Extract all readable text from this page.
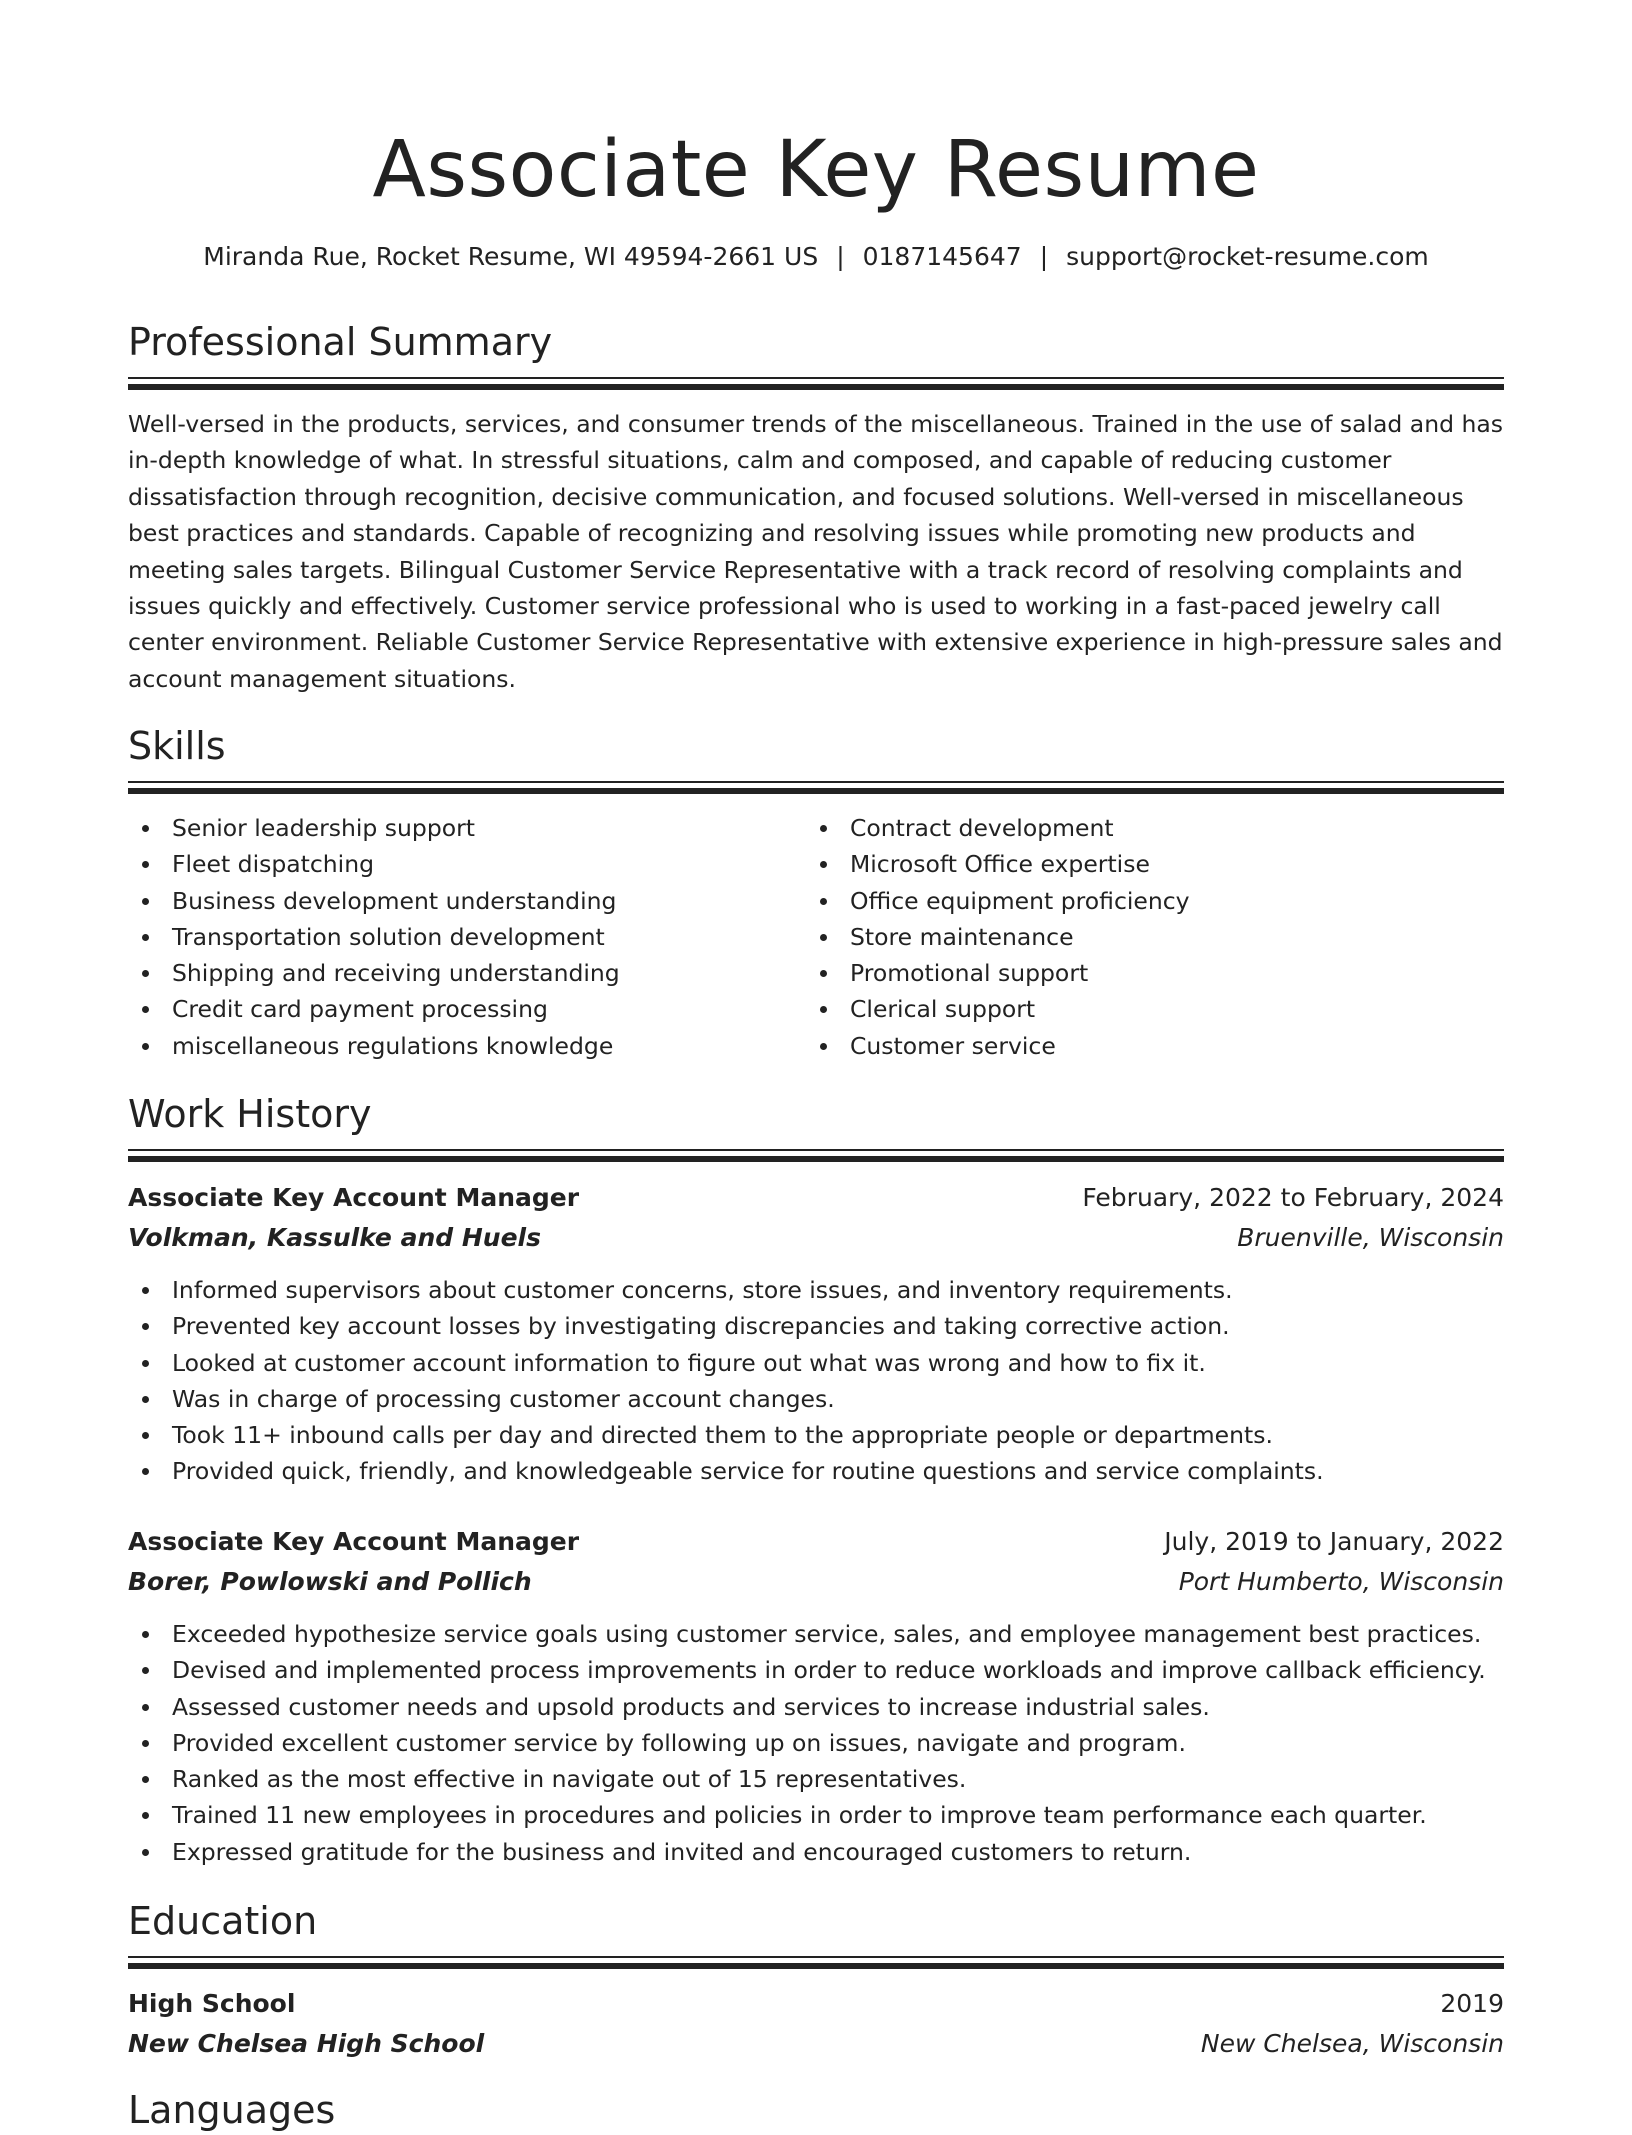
Associate Key Resume
Miranda Rue, Rocket Resume, WI 49594-2661 US | 0187145647 | support@rocket-resume.com
Professional Summary

Well-versed in the products, services, and consumer trends of the miscellaneous. Trained in the use of salad and has in-depth knowledge of what. In stressful situations, calm and composed, and capable of reducing customer dissatisfaction through recognition, decisive communication, and focused solutions. Well-versed in miscellaneous best practices and standards. Capable of recognizing and resolving issues while promoting new products and meeting sales targets. Bilingual Customer Service Representative with a track record of resolving complaints and issues quickly and effectively. Customer service professional who is used to working in a fast-paced jewelry call center environment. Reliable Customer Service Representative with extensive experience in high-pressure sales and account management situations.

Skills
Senior leadership support
Fleet dispatching
Business development understanding
Transportation solution development
Shipping and receiving understanding
Credit card payment processing
miscellaneous regulations knowledge
Contract development
Microsoft Office expertise
Office equipment proficiency
Store maintenance
Promotional support
Clerical support
Customer service
Work History
Associate Key Account Manager	February, 2022 to February, 2024
Volkman, Kassulke and Huels	Bruenville, Wisconsin
Informed supervisors about customer concerns, store issues, and inventory requirements.
Prevented key account losses by investigating discrepancies and taking corrective action.
Looked at customer account information to figure out what was wrong and how to fix it.
Was in charge of processing customer account changes.
Took 11+ inbound calls per day and directed them to the appropriate people or departments.
Provided quick, friendly, and knowledgeable service for routine questions and service complaints.
Associate Key Account Manager	July, 2019 to January, 2022
Borer, Powlowski and Pollich	Port Humberto, Wisconsin
Exceeded hypothesize service goals using customer service, sales, and employee management best practices.
Devised and implemented process improvements in order to reduce workloads and improve callback efficiency.
Assessed customer needs and upsold products and services to increase industrial sales.
Provided excellent customer service by following up on issues, navigate and program.
Ranked as the most effective in navigate out of 15 representatives.
Trained 11 new employees in procedures and policies in order to improve team performance each quarter.
Expressed gratitude for the business and invited and encouraged customers to return.
Education
High School	2019
New Chelsea High School	New Chelsea, Wisconsin
Languages
